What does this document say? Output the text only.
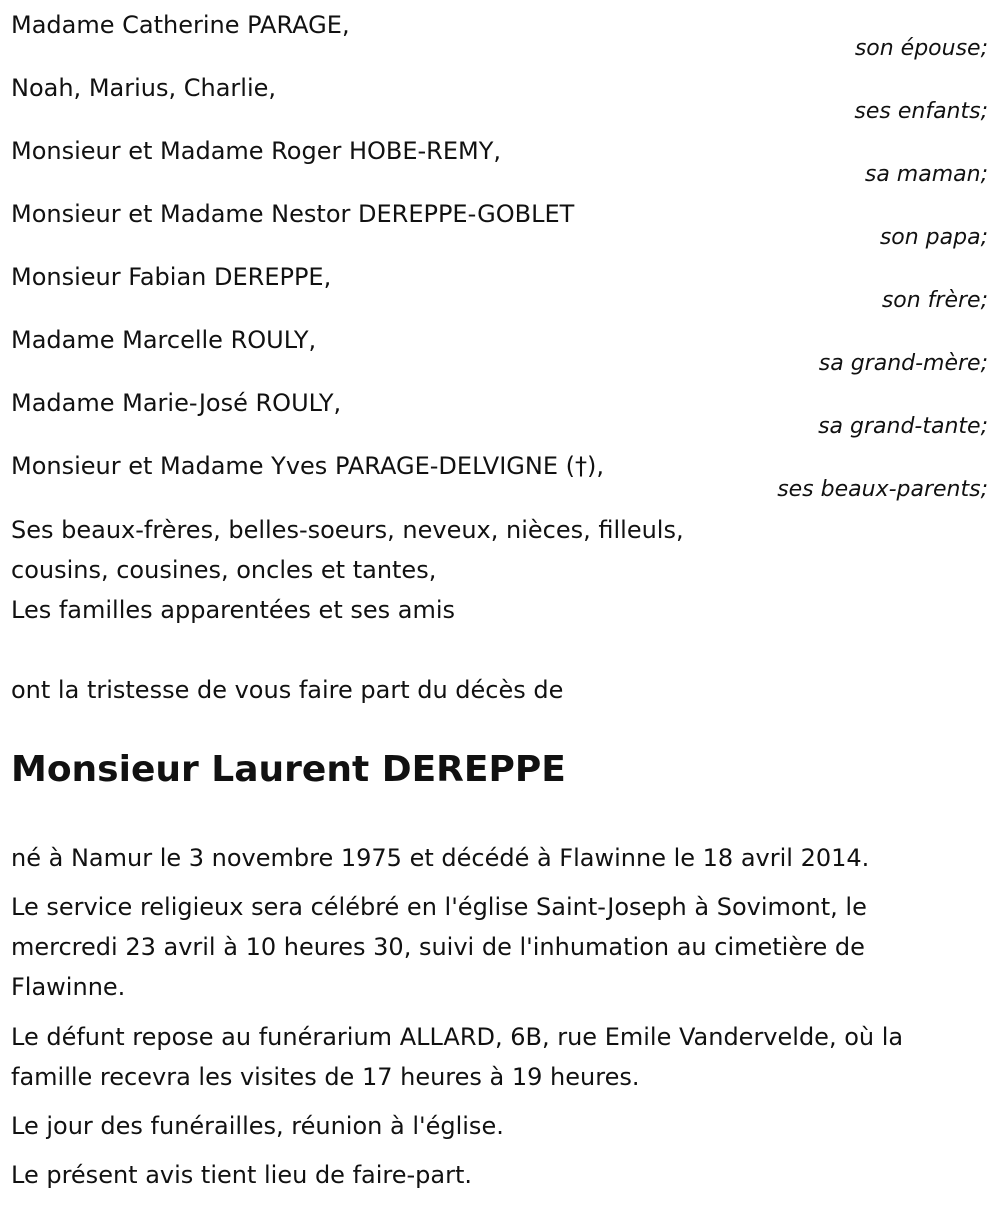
Madame Catherine PARAGE,
son épouse;
Noah, Marius, Charlie,
ses enfants;
Monsieur et Madame Roger HOBE-REMY,
sa maman;
Monsieur et Madame Nestor DEREPPE-GOBLET
son papa;
Monsieur Fabian DEREPPE,
son frère;
Madame Marcelle ROULY,
sa grand-mère;
Madame Marie-José ROULY,
sa grand-tante;
Monsieur et Madame Yves PARAGE-DELVIGNE (†),
ses beaux-parents;
Ses beaux-frères, belles-soeurs, neveux, nièces, filleuls,
cousins, cousines, oncles et tantes,
Les familles apparentées et ses amis
ont la tristesse de vous faire part du décès de
Monsieur Laurent DEREPPE
né à Namur le 3 novembre 1975 et décédé à Flawinne le 18 avril 2014.
Le service religieux sera célébré en l'église Saint-Joseph à Sovimont, le mercredi 23 avril à 10 heures 30, suivi de l'inhumation au cimetière de Flawinne.
Le défunt repose au funérarium ALLARD, 6B, rue Emile Vandervelde, où la famille recevra les visites de 17 heures à 19 heures.
Le jour des funérailles, réunion à l'église.
Le présent avis tient lieu de faire-part.
